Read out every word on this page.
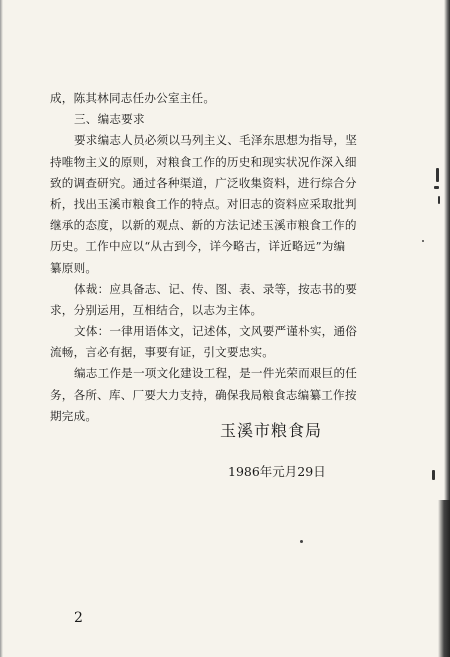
成，陈其林同志任办公室主任。
三、编志要求
要求编志人员必须以马列主义、毛泽东思想为指导，坚
持唯物主义的原则，对粮食工作的历史和现实状况作深入细
致的调查研究。通过各种渠道，广泛收集资料，进行综合分
析，找出玉溪市粮食工作的特点。对旧志的资料应采取批判
继承的态度，以新的观点、新的方法记述玉溪市粮食工作的
历史。工作中应以“从古到今，详今略古，详近略远”为编
纂原则。
体裁：应具备志、记、传、图、表、录等，按志书的要
求，分别运用，互相结合，以志为主体。
文体：一律用语体文，记述体，文风要严谨朴实，通俗
流畅，言必有据，事要有证，引文要忠实。
编志工作是一项文化建设工程，是一件光荣而艰巨的任
务，各所、库、厂要大力支持，确保我局粮食志编纂工作按
期完成。
玉溪市粮食局
1986年元月29日
2
